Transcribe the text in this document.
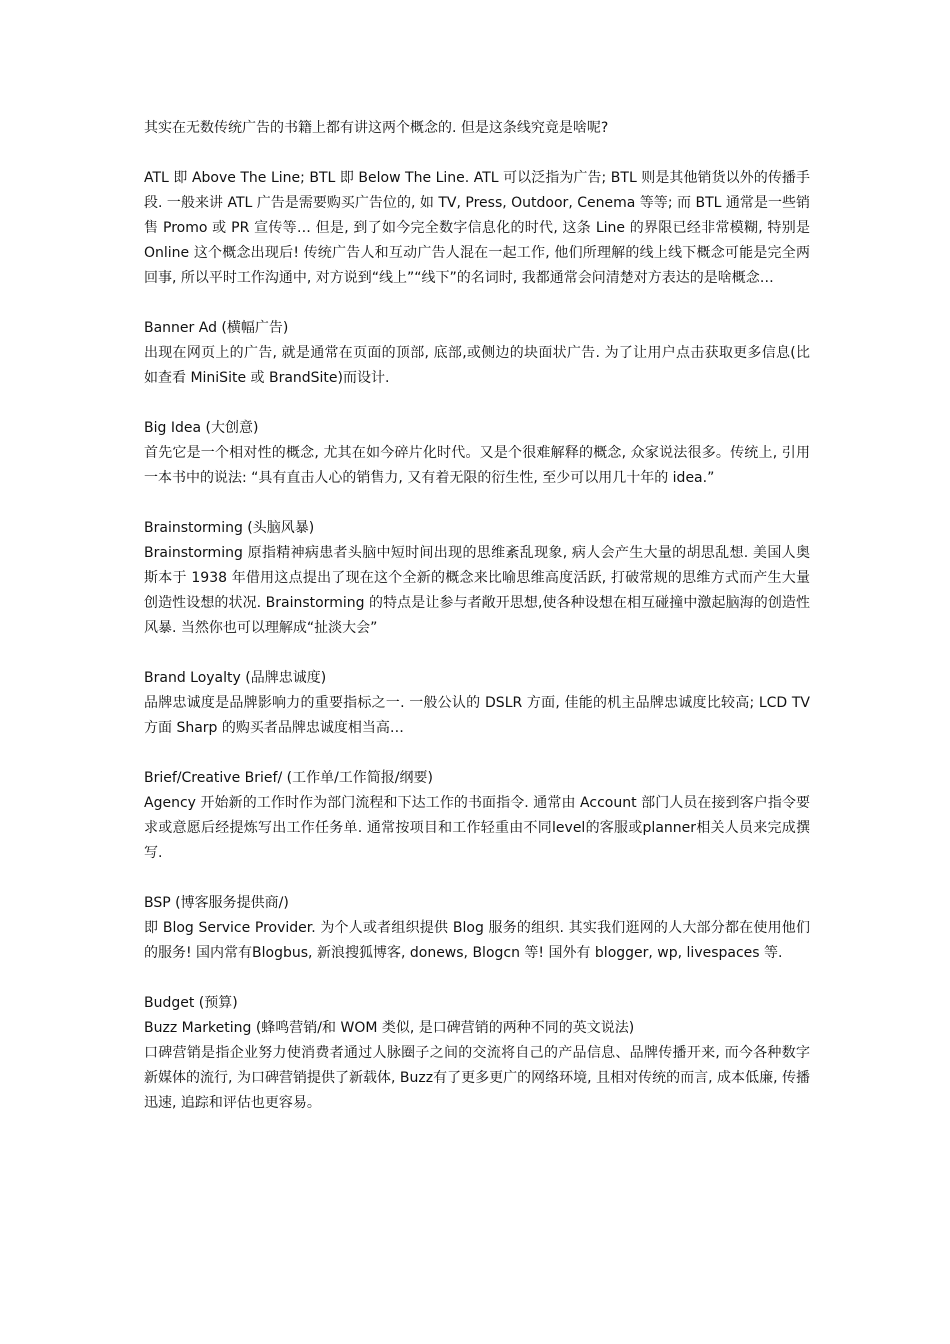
其实在无数传统广告的书籍上都有讲这两个概念的. 但是这条线究竟是啥呢?

ATL 即 Above The Line; BTL 即 Below The Line. ATL 可以泛指为广告; BTL 则是其他销货以外的传播手段. 一般来讲 ATL 广告是需要购买广告位的, 如 TV, Press, Outdoor, Cenema 等等; 而 BTL 通常是一些销售 Promo 或 PR 宣传等… 但是, 到了如今完全数字信息化的时代, 这条 Line 的界限已经非常模糊, 特别是 Online 这个概念出现后! 传统广告人和互动广告人混在一起工作, 他们所理解的线上线下概念可能是完全两回事, 所以平时工作沟通中, 对方说到“线上”“线下”的名词时, 我都通常会问清楚对方表达的是啥概念…

Banner Ad (横幅广告)

出现在网页上的广告, 就是通常在页面的顶部, 底部,或侧边的块面状广告. 为了让用户点击获取更多信息(比如查看 MiniSite 或 BrandSite)而设计.

Big Idea (大创意)

首先它是一个相对性的概念, 尤其在如今碎片化时代。又是个很难解释的概念, 众家说法很多。传统上, 引用一本书中的说法: “具有直击人心的销售力, 又有着无限的衍生性, 至少可以用几十年的 idea.”

Brainstorming (头脑风暴)

Brainstorming 原指精神病患者头脑中短时间出现的思维紊乱现象, 病人会产生大量的胡思乱想. 美国人奥斯本于 1938 年借用这点提出了现在这个全新的概念来比喻思维高度活跃, 打破常规的思维方式而产生大量创造性设想的状况. Brainstorming 的特点是让参与者敞开思想,使各种设想在相互碰撞中激起脑海的创造性风暴. 当然你也可以理解成“扯淡大会”

Brand Loyalty (品牌忠诚度)

品牌忠诚度是品牌影响力的重要指标之一. 一般公认的 DSLR 方面, 佳能的机主品牌忠诚度比较高; LCD TV 方面 Sharp 的购买者品牌忠诚度相当高…

Brief/Creative Brief/ (工作单/工作简报/纲要)

Agency 开始新的工作时作为部门流程和下达工作的书面指令. 通常由 Account 部门人员在接到客户指令要求或意愿后经提炼写出工作任务单. 通常按项目和工作轻重由不同level的客服或planner相关人员来完成撰写.

BSP (博客服务提供商/)

即 Blog Service Provider. 为个人或者组织提供 Blog 服务的组织. 其实我们逛网的人大部分都在使用他们的服务! 国内常有Blogbus, 新浪搜狐博客, donews, Blogcn 等! 国外有 blogger, wp, livespaces 等.

Budget (预算)

Buzz Marketing (蜂鸣营销/和 WOM 类似, 是口碑营销的两种不同的英文说法)

口碑营销是指企业努力使消费者通过人脉圈子之间的交流将自己的产品信息、品牌传播开来, 而今各种数字新媒体的流行, 为口碑营销提供了新载体, Buzz有了更多更广的网络环境, 且相对传统的而言, 成本低廉, 传播迅速, 追踪和评估也更容易。
